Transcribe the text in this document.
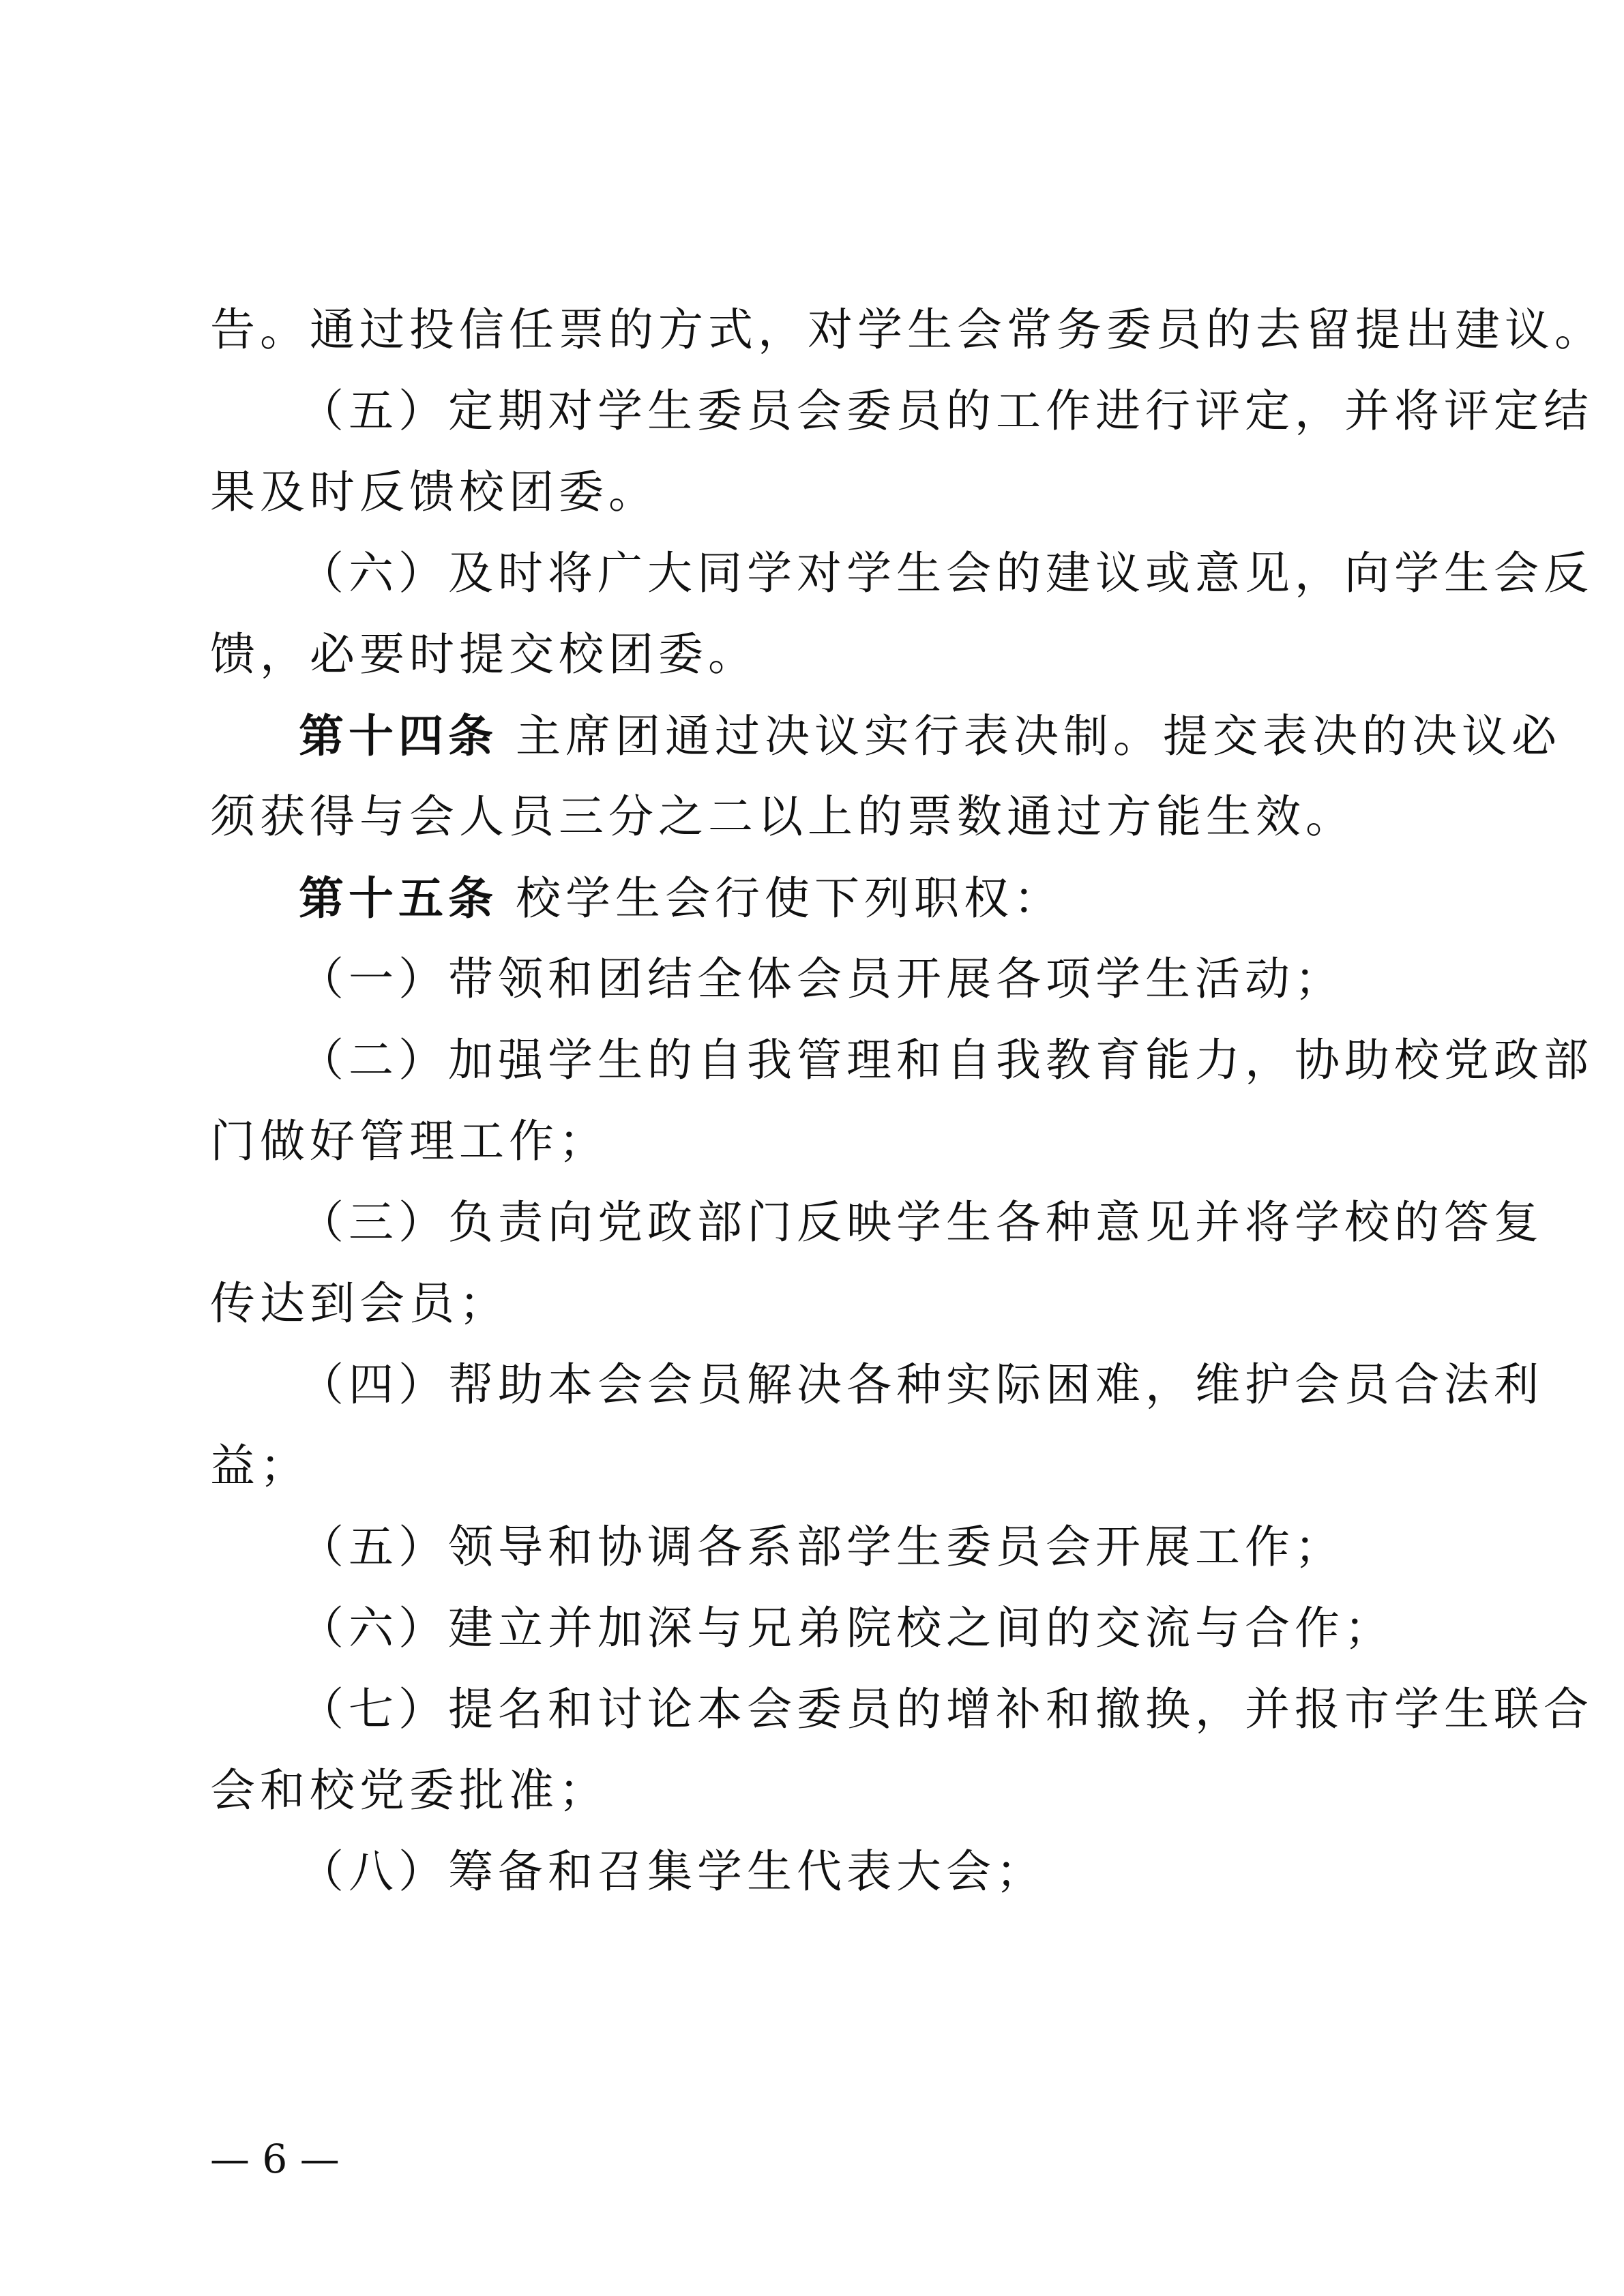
告。通过投信任票的方式，对学生会常务委员的去留提出建议。
（五）定期对学生委员会委员的工作进行评定，并将评定结
果及时反馈校团委。
（六）及时将广大同学对学生会的建议或意见，向学生会反
馈，必要时提交校团委。
第十四条 主席团通过决议实行表决制。提交表决的决议必
须获得与会人员三分之二以上的票数通过方能生效。
第十五条 校学生会行使下列职权：
（一）带领和团结全体会员开展各项学生活动；
（二）加强学生的自我管理和自我教育能力，协助校党政部
门做好管理工作；
（三）负责向党政部门反映学生各种意见并将学校的答复
传达到会员；
（四）帮助本会会员解决各种实际困难，维护会员合法利
益；
（五）领导和协调各系部学生委员会开展工作；
（六）建立并加深与兄弟院校之间的交流与合作；
（七）提名和讨论本会委员的增补和撤换，并报市学生联合
会和校党委批准；
（八）筹备和召集学生代表大会；
— 6 —
